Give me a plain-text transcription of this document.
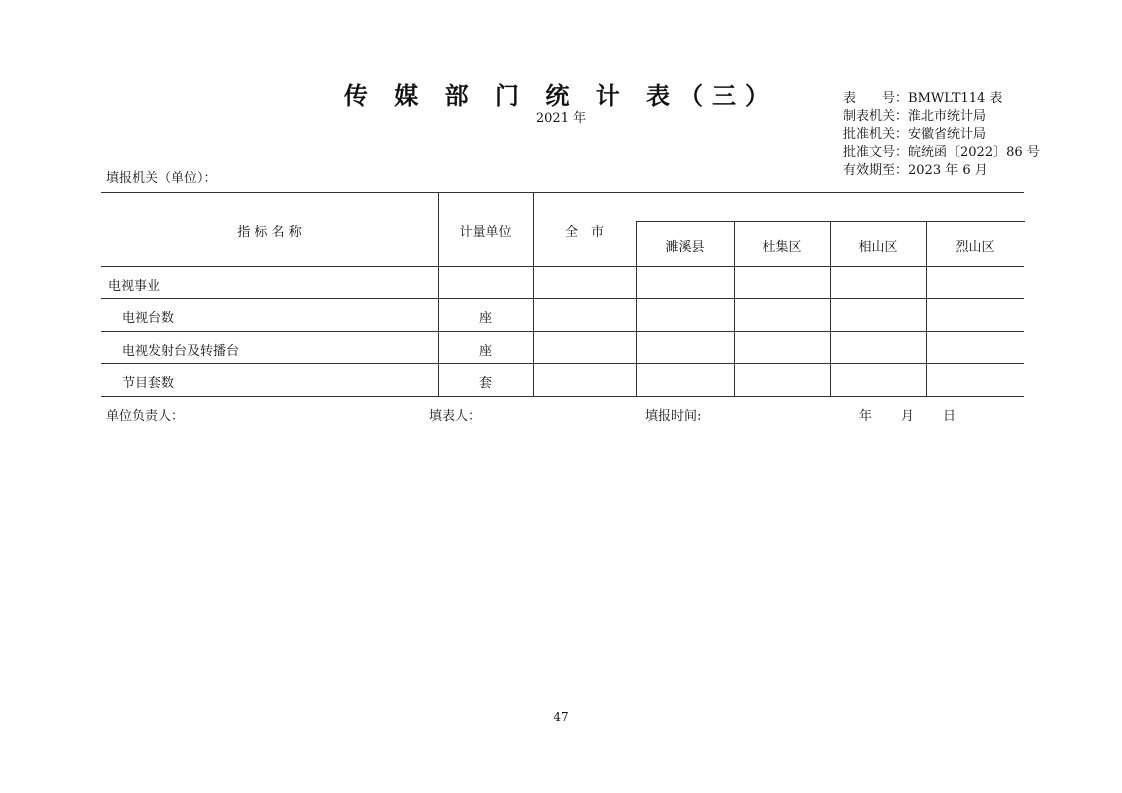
传 媒 部 门 统 计 表（三）
2021 年
表　　号：BMWLT114 表
制表机关：淮北市统计局
批准机关：安徽省统计局
批准文号：皖统函〔2022〕86 号
有效期至：2023 年 6 月
填报机关（单位）：
指 标 名 称	计量单位	全　市
濉溪县	杜集区	相山区	烈山区
电视事业
电视台数	座
电视发射台及转播台	座
节目套数	套
单位负责人：	填表人：	填报时间:	年 月 日
47
